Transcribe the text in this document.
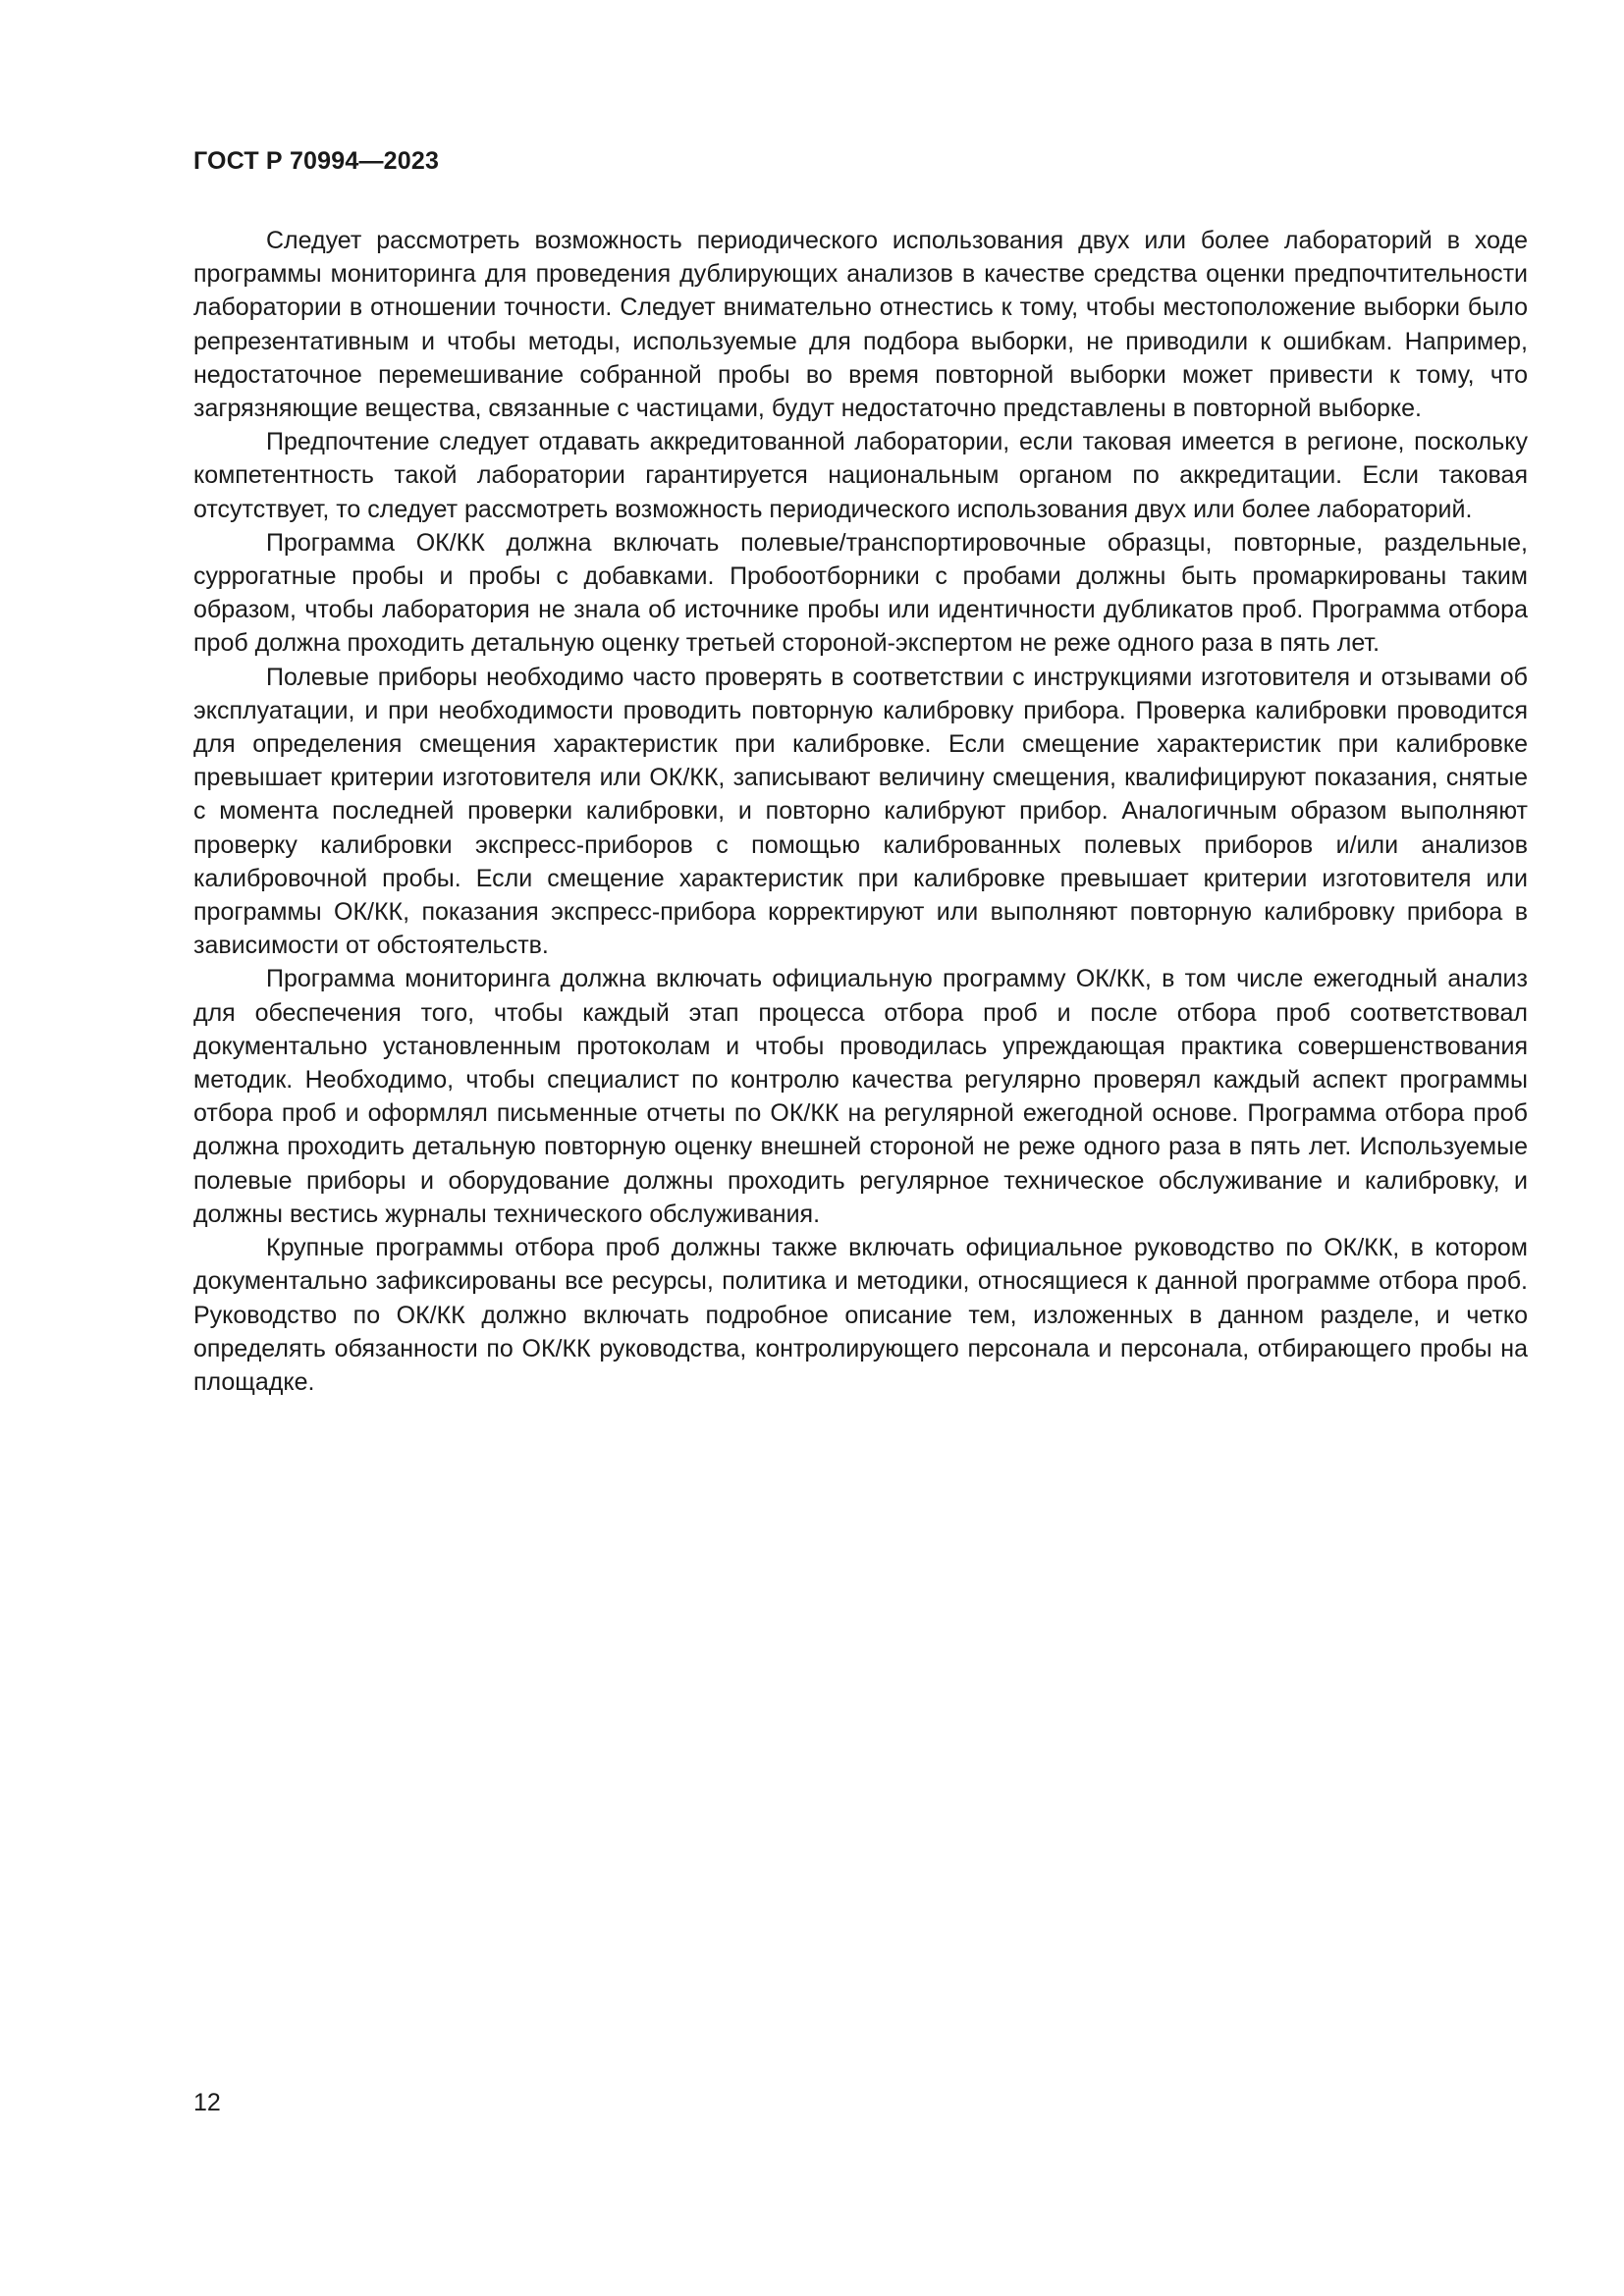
ГОСТ Р 70994—2023

Следует рассмотреть возможность периодического использования двух или более лабораторий в ходе программы мониторинга для проведения дублирующих анализов в качестве средства оценки предпочтительности лаборатории в отношении точности. Следует внимательно отнестись к тому, чтобы местоположение выборки было репрезентативным и чтобы методы, используемые для подбора выборки, не приводили к ошибкам. Например, недостаточное перемешивание собранной пробы во время повторной выборки может привести к тому, что загрязняющие вещества, связанные с частицами, будут недостаточно представлены в повторной выборке.

Предпочтение следует отдавать аккредитованной лаборатории, если таковая имеется в регионе, поскольку компетентность такой лаборатории гарантируется национальным органом по аккредитации. Если таковая отсутствует, то следует рассмотреть возможность периодического использования двух или более лабораторий.

Программа ОК/КК должна включать полевые/транспортировочные образцы, повторные, раздельные, суррогатные пробы и пробы с добавками. Пробоотборники с пробами должны быть промаркированы таким образом, чтобы лаборатория не знала об источнике пробы или идентичности дубликатов проб. Программа отбора проб должна проходить детальную оценку третьей стороной-экспертом не реже одного раза в пять лет.

Полевые приборы необходимо часто проверять в соответствии с инструкциями изготовителя и отзывами об эксплуатации, и при необходимости проводить повторную калибровку прибора. Проверка калибровки проводится для определения смещения характеристик при калибровке. Если смещение характеристик при калибровке превышает критерии изготовителя или ОК/КК, записывают величину смещения, квалифицируют показания, снятые с момента последней проверки калибровки, и повторно калибруют прибор. Аналогичным образом выполняют проверку калибровки экспресс-приборов с помощью калиброванных полевых приборов и/или анализов калибровочной пробы. Если смещение характеристик при калибровке превышает критерии изготовителя или программы ОК/КК, показания экспресс-прибора корректируют или выполняют повторную калибровку прибора в зависимости от обстоятельств.

Программа мониторинга должна включать официальную программу ОК/КК, в том числе ежегодный анализ для обеспечения того, чтобы каждый этап процесса отбора проб и после отбора проб соответствовал документально установленным протоколам и чтобы проводилась упреждающая практика совершенствования методик. Необходимо, чтобы специалист по контролю качества регулярно проверял каждый аспект программы отбора проб и оформлял письменные отчеты по ОК/КК на регулярной ежегодной основе. Программа отбора проб должна проходить детальную повторную оценку внешней стороной не реже одного раза в пять лет. Используемые полевые приборы и оборудование должны проходить регулярное техническое обслуживание и калибровку, и должны вестись журналы технического обслуживания.

Крупные программы отбора проб должны также включать официальное руководство по ОК/КК, в котором документально зафиксированы все ресурсы, политика и методики, относящиеся к данной программе отбора проб. Руководство по ОК/КК должно включать подробное описание тем, изложенных в данном разделе, и четко определять обязанности по ОК/КК руководства, контролирующего персонала и персонала, отбирающего пробы на площадке.

12
